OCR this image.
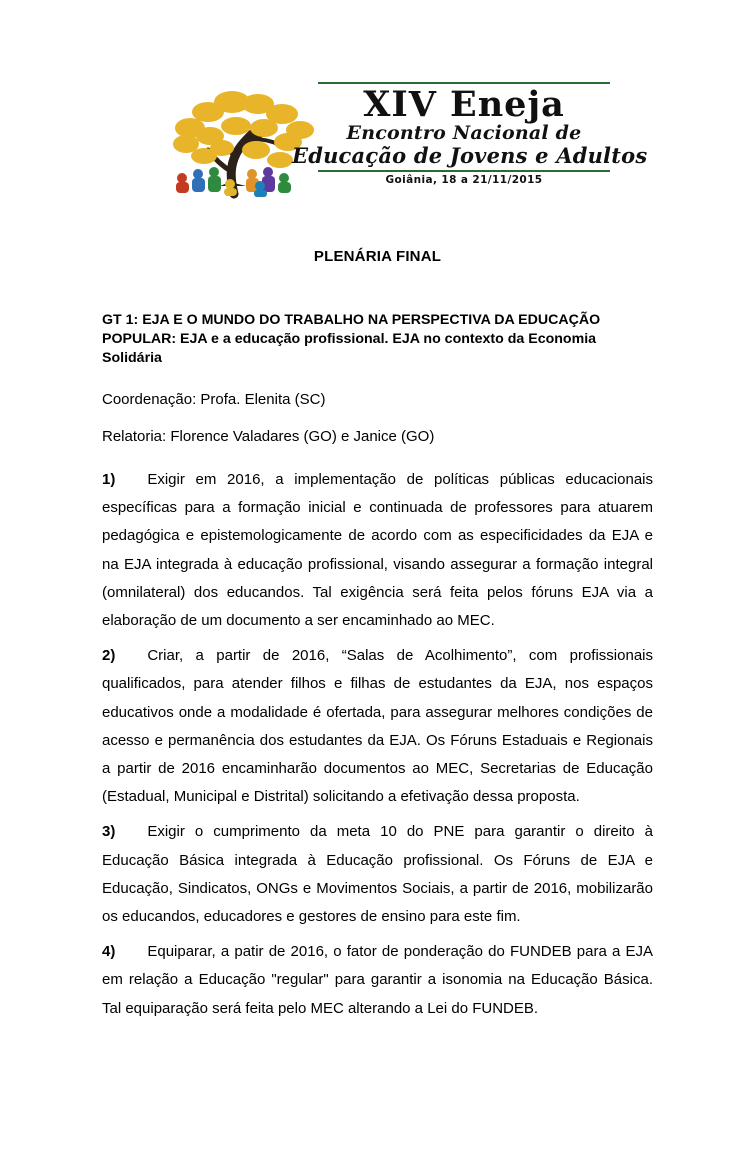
XIV Eneja
Encontro Nacional de
Educação de Jovens e Adultos
Goiânia, 18 a 21/11/2015
PLENÁRIA FINAL
GT 1: EJA E O MUNDO DO TRABALHO NA PERSPECTIVA DA EDUCAÇÃO POPULAR: EJA e a educação profissional. EJA no contexto da Economia Solidária

Coordenação: Profa. Elenita (SC)

Relatoria: Florence Valadares (GO) e Janice (GO)

1) Exigir em 2016, a implementação de políticas públicas educacionais específicas para a formação inicial e continuada de professores para atuarem pedagógica e epistemologicamente de acordo com as especificidades da EJA e na EJA integrada à educação profissional, visando assegurar a formação integral (omnilateral) dos educandos. Tal exigência será feita pelos fóruns EJA via a elaboração de um documento a ser encaminhado ao MEC.

2) Criar, a partir de 2016, “Salas de Acolhimento”, com profissionais qualificados, para atender filhos e filhas de estudantes da EJA, nos espaços educativos onde a modalidade é ofertada, para assegurar melhores condições de acesso e permanência dos estudantes da EJA. Os Fóruns Estaduais e Regionais a partir de 2016 encaminharão documentos ao MEC, Secretarias de Educação (Estadual, Municipal e Distrital) solicitando a efetivação dessa proposta.

3) Exigir o cumprimento da meta 10 do PNE para garantir o direito à Educação Básica integrada à Educação profissional. Os Fóruns de EJA e Educação, Sindicatos, ONGs e Movimentos Sociais, a partir de 2016, mobilizarão os educandos, educadores e gestores de ensino para este fim.

4) Equiparar, a patir de 2016, o fator de ponderação do FUNDEB para a EJA em relação a Educação "regular" para garantir a isonomia na Educação Básica. Tal equiparação será feita pelo MEC alterando a Lei do FUNDEB.
